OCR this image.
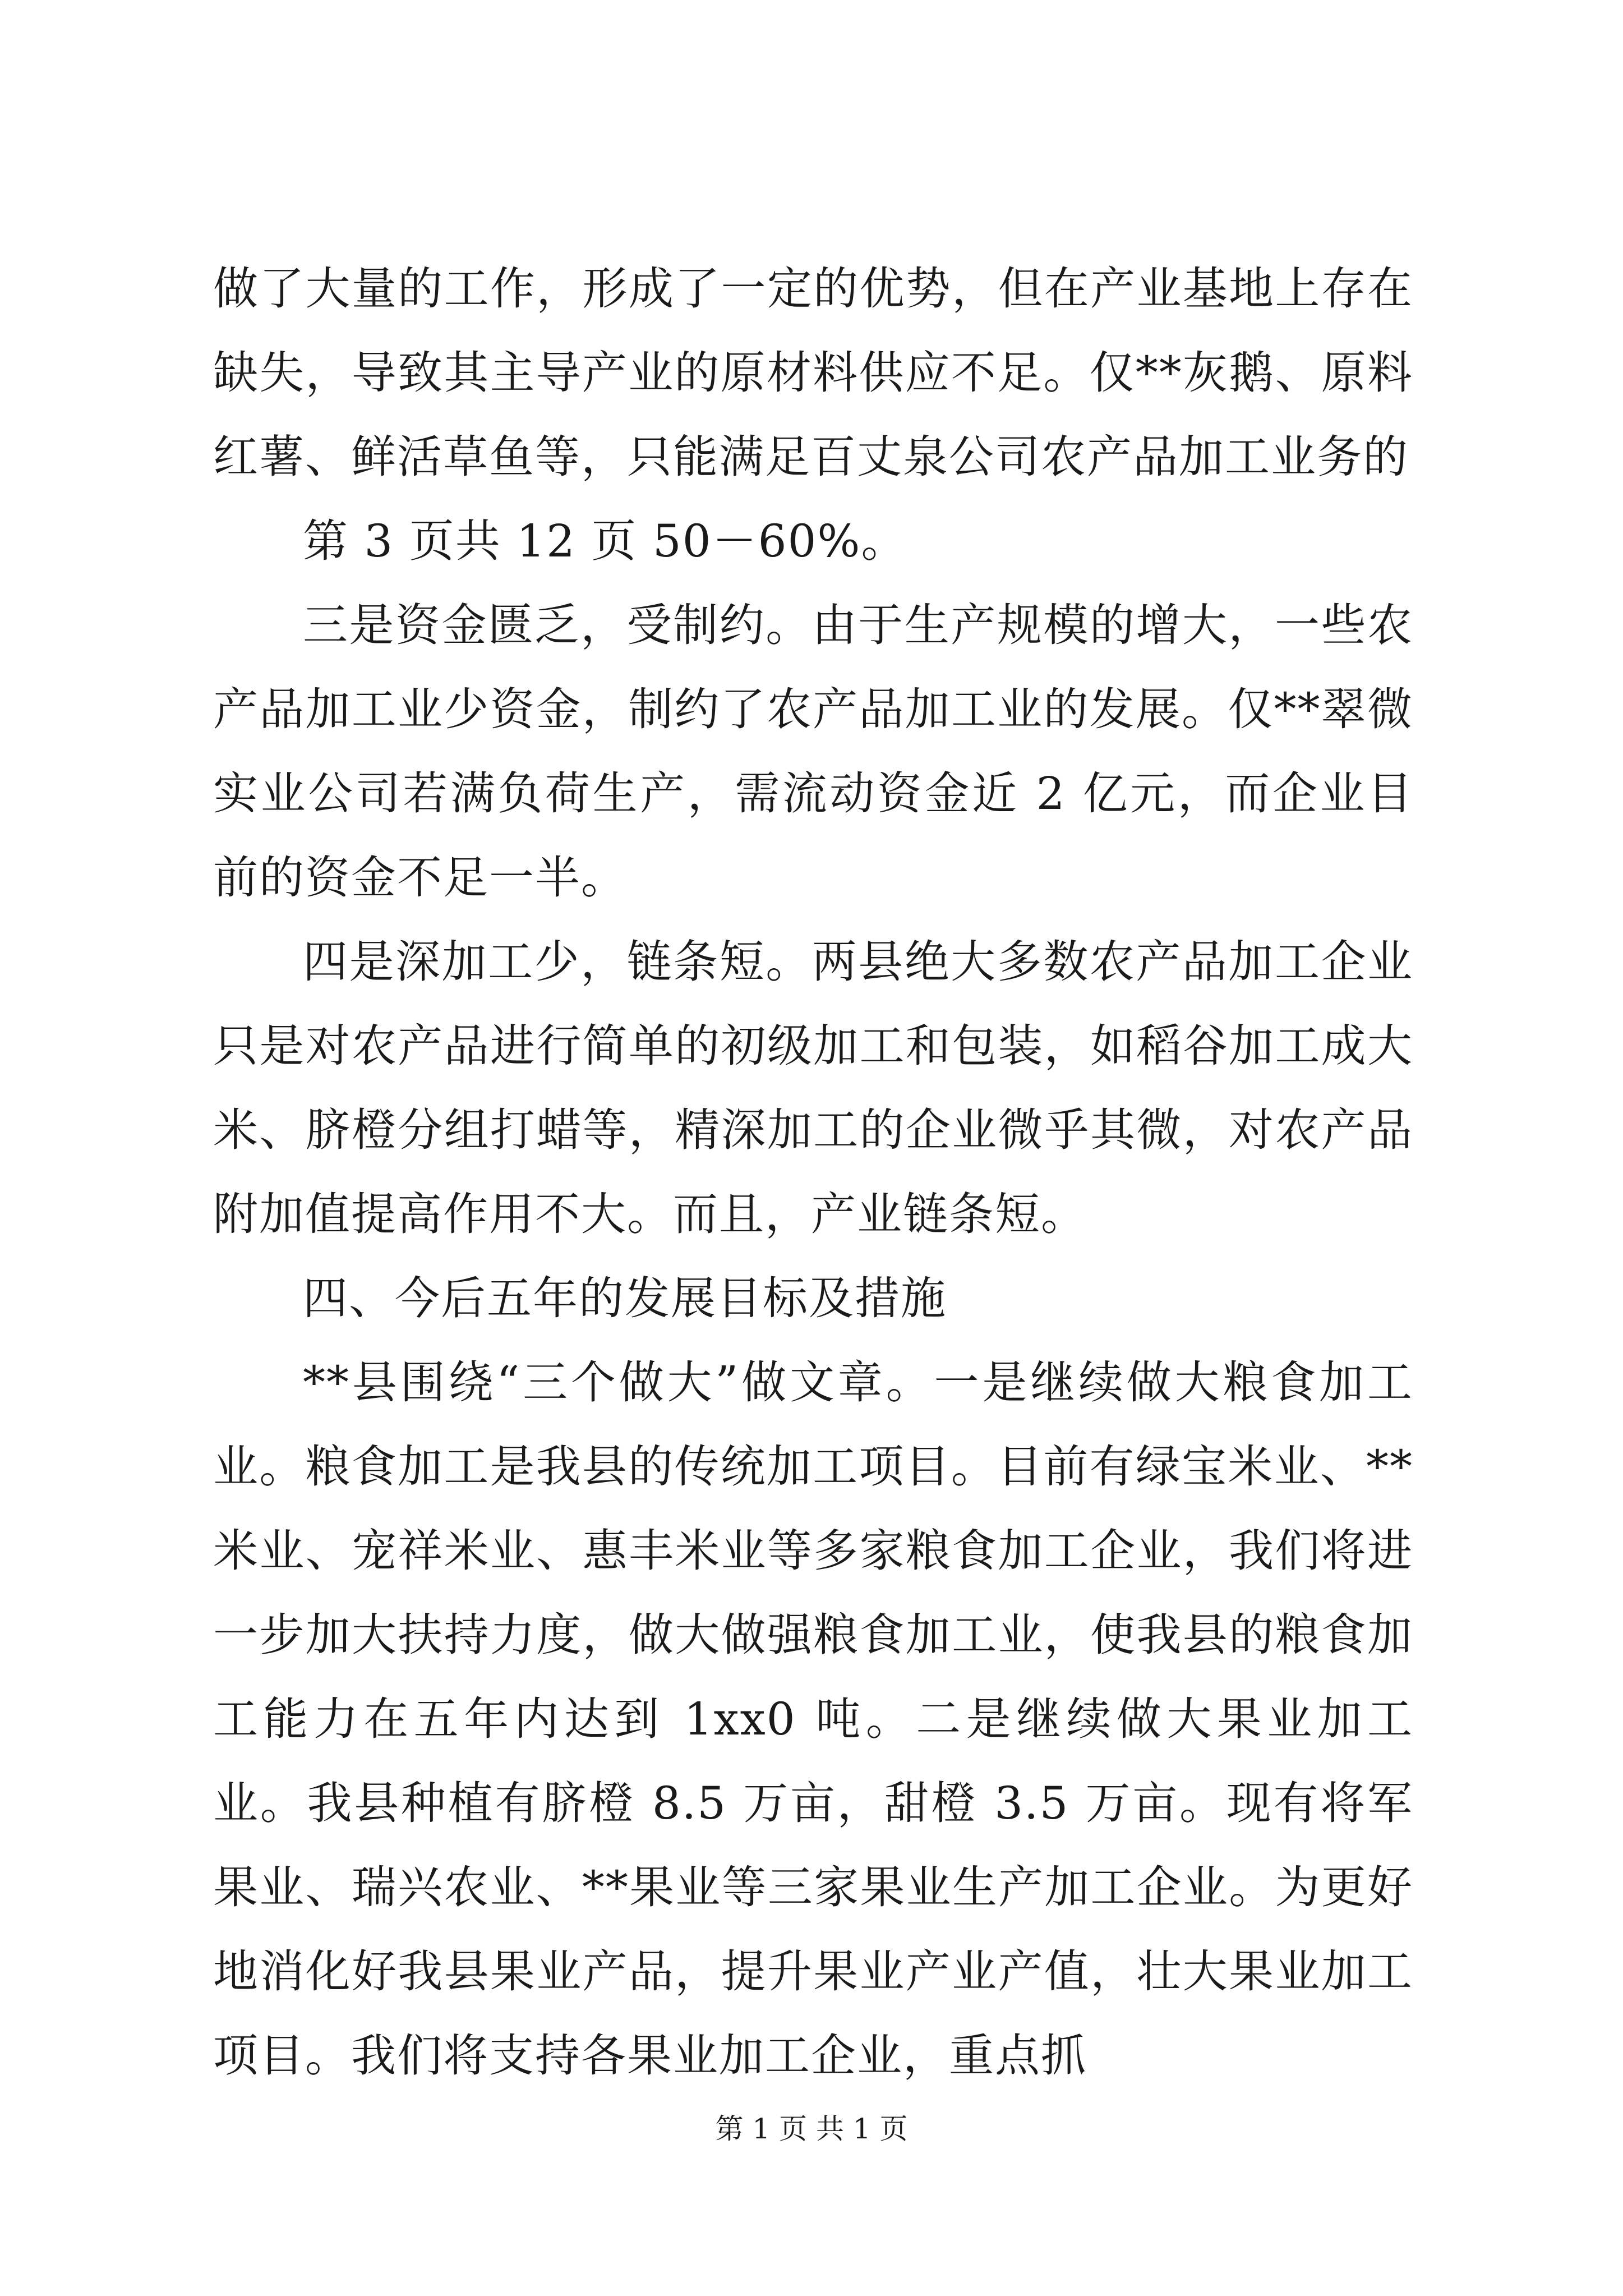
做了大量的工作，形成了一定的优势，但在产业基地上存在缺失，导致其主导产业的原材料供应不足。仅**灰鹅、原料红薯、鲜活草鱼等，只能满足百丈泉公司农产品加工业务的

第 3 页共 12 页 50－60%。

三是资金匮乏，受制约。由于生产规模的增大，一些农产品加工业少资金，制约了农产品加工业的发展。仅**翠微实业公司若满负荷生产，需流动资金近 2 亿元，而企业目前的资金不足一半。

四是深加工少，链条短。两县绝大多数农产品加工企业只是对农产品进行简单的初级加工和包装，如稻谷加工成大米、脐橙分组打蜡等，精深加工的企业微乎其微，对农产品附加值提高作用不大。而且，产业链条短。

四、今后五年的发展目标及措施

**县围绕“三个做大”做文章。一是继续做大粮食加工业。粮食加工是我县的传统加工项目。目前有绿宝米业、**米业、宠祥米业、惠丰米业等多家粮食加工企业，我们将进一步加大扶持力度，做大做强粮食加工业，使我县的粮食加工能力在五年内达到 1xx0 吨。二是继续做大果业加工业。我县种植有脐橙 8.5 万亩，甜橙 3.5 万亩。现有将军果业、瑞兴农业、**果业等三家果业生产加工企业。为更好地消化好我县果业产品，提升果业产业产值，壮大果业加工项目。我们将支持各果业加工企业，重点抓

第 1 页 共 1 页
